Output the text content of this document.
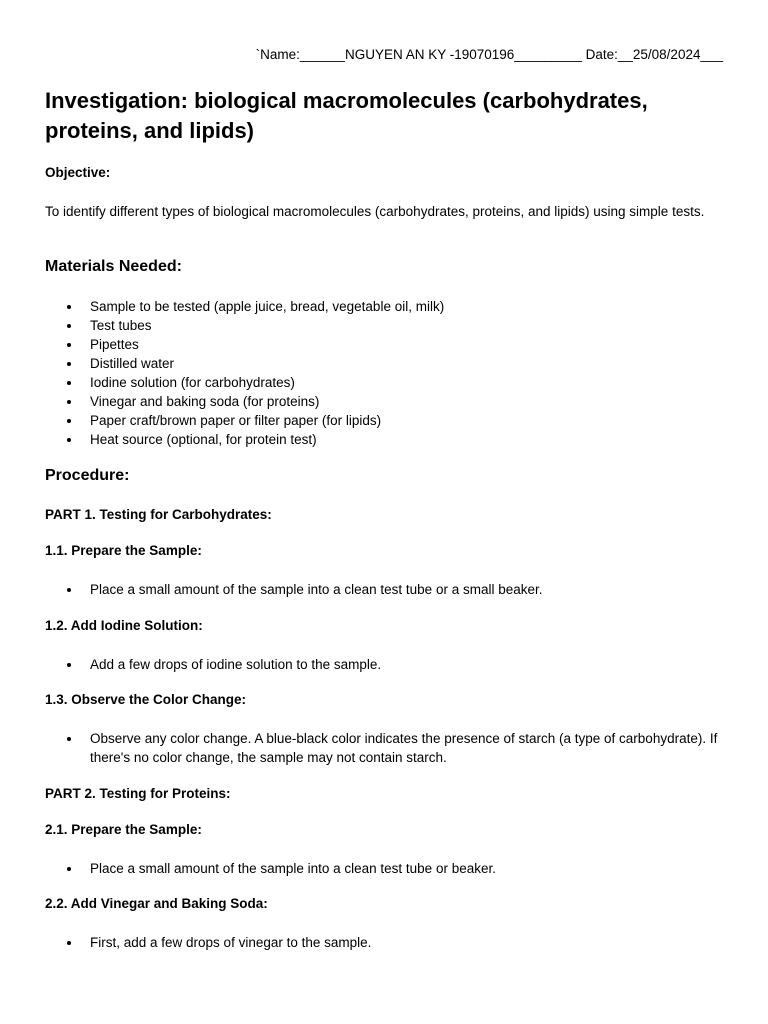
`Name:______NGUYEN AN KY -19070196_________ Date:__25/08/2024___
Investigation: biological macromolecules (carbohydrates, proteins, and lipids)
Objective:

To identify different types of biological macromolecules (carbohydrates, proteins, and lipids) using simple tests.

Materials Needed:
Sample to be tested (apple juice, bread, vegetable oil, milk)
Test tubes
Pipettes
Distilled water
Iodine solution (for carbohydrates)
Vinegar and baking soda (for proteins)
Paper craft/brown paper or filter paper (for lipids)
Heat source (optional, for protein test)
Procedure:
PART 1. Testing for Carbohydrates:
1.1. Prepare the Sample:
Place a small amount of the sample into a clean test tube or a small beaker.
1.2. Add Iodine Solution:
Add a few drops of iodine solution to the sample.
1.3. Observe the Color Change:
Observe any color change. A blue-black color indicates the presence of starch (a type of carbohydrate). If there's no color change, the sample may not contain starch.
PART 2. Testing for Proteins:
2.1. Prepare the Sample:
Place a small amount of the sample into a clean test tube or beaker.
2.2. Add Vinegar and Baking Soda:
First, add a few drops of vinegar to the sample.
